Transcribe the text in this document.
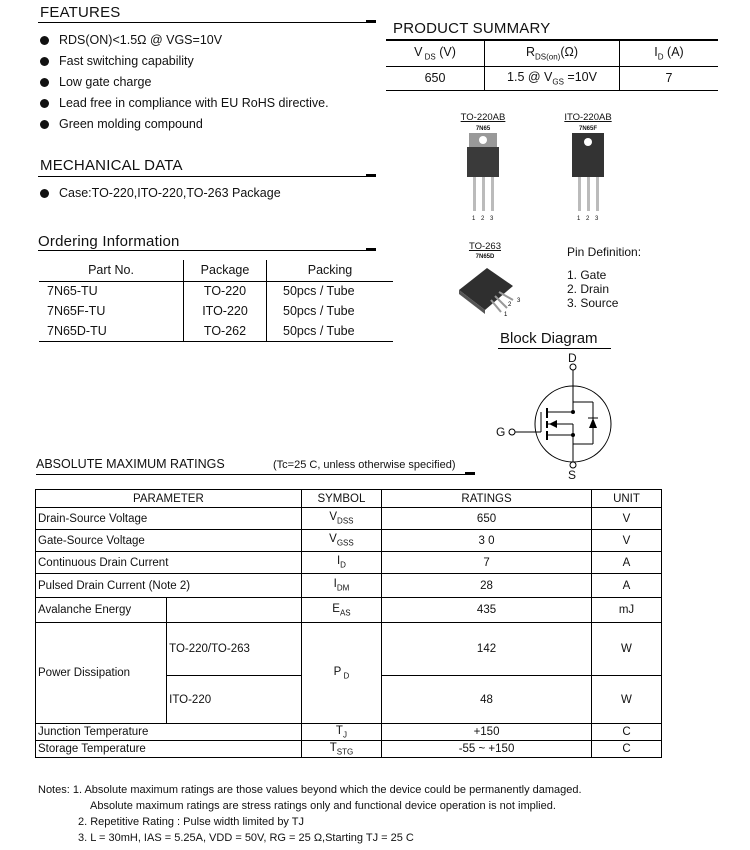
FEATURES
RDS(ON)<1.5Ω @ VGS=10V
Fast switching capability
Low gate charge
Lead free in compliance with EU RoHS directive.
Green molding compound
MECHANICAL DATA
Case:TO-220,ITO-220,TO-263 Package
Ordering Information
Part No.	Package	Packing
7N65-TU	TO-220	50pcs / Tube
7N65F-TU	ITO-220	50pcs / Tube
7N65D-TU	TO-262	50pcs / Tube
PRODUCT SUMMARY
V $_{DS}$ (V)	$R_{DS(on)}(\Omega)$	$I_D$ (A)
650	1.5 @ $V_{GS} =10V$	7
TO-220AB
7N65
1 2 3
ITO-220AB
7N65F
1 2 3
TO-263
7N65D
3
2
1
Pin Definition:
1. Gate
2. Drain
3. Source
Block Diagram
D
G
S
ABSOLUTE MAXIMUM RATINGS	(Tc=25 C, unless otherwise specified)
PARAMETER		SYMBOL	RATINGS	UNIT
Drain-Source Voltage		$V_{DSS}$	650	V
Gate-Source Voltage		$V_{GSS}$	3 0	V
Continuous Drain Current		$I_D$	7	A
Pulsed Drain Current (Note 2)		$I_{DM}$	28	A
Avalanche Energy		$E_{AS}$	435	mJ
Power Dissipation	TO-220/TO-263	P $_D$	142	W
	ITO-220		48	W
Junction Temperature		$T_J$	+150	C
Storage Temperature		$T_{STG}$	-55 ~ +150	C
Notes: 1. Absolute maximum ratings are those values beyond which the device could be permanently damaged.
Absolute maximum ratings are stress ratings only and functional device operation is not implied.
2. Repetitive Rating : Pulse width limited by TJ
3. L = 30mH, IAS = 5.25A, VDD = 50V, RG = 25 Ω,Starting TJ = 25 C
